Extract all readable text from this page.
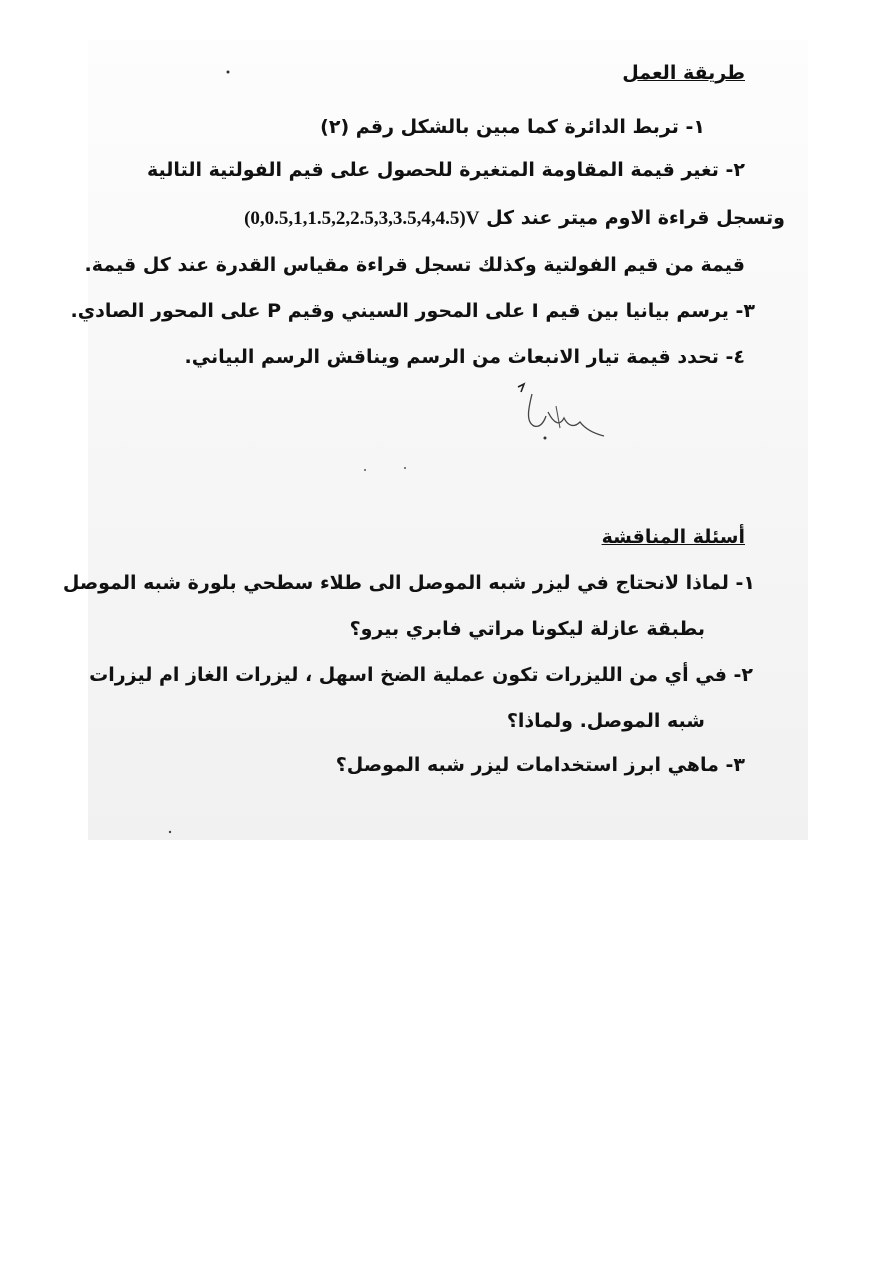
طريقة العمل
١- تربط الدائرة كما مبين بالشكل رقم (٢)
٢- تغير قيمة المقاومة المتغيرة للحصول على قيم الفولتية التالية
وتسجل قراءة الاوم ميتر عند كل (0,0.5,1,1.5,2,2.5,3,3.5,4,4.5)V
قيمة من قيم الفولتية وكذلك تسجل قراءة مقياس القدرة عند كل قيمة.
٣- يرسم بيانيا بين قيم I على المحور السيني وقيم P على المحور الصادي.
٤- تحدد قيمة تيار الانبعاث من الرسم ويناقش الرسم البياني.
أسئلة المناقشة
١- لماذا لانحتاج في ليزر شبه الموصل الى طلاء سطحي بلورة شبه الموصل
بطبقة عازلة ليكونا مراتي فابري بيرو؟
٢- في أي من الليزرات تكون عملية الضخ اسهل ، ليزرات الغاز ام ليزرات
شبه الموصل. ولماذا؟
٣- ماهي ابرز استخدامات ليزر شبه الموصل؟
